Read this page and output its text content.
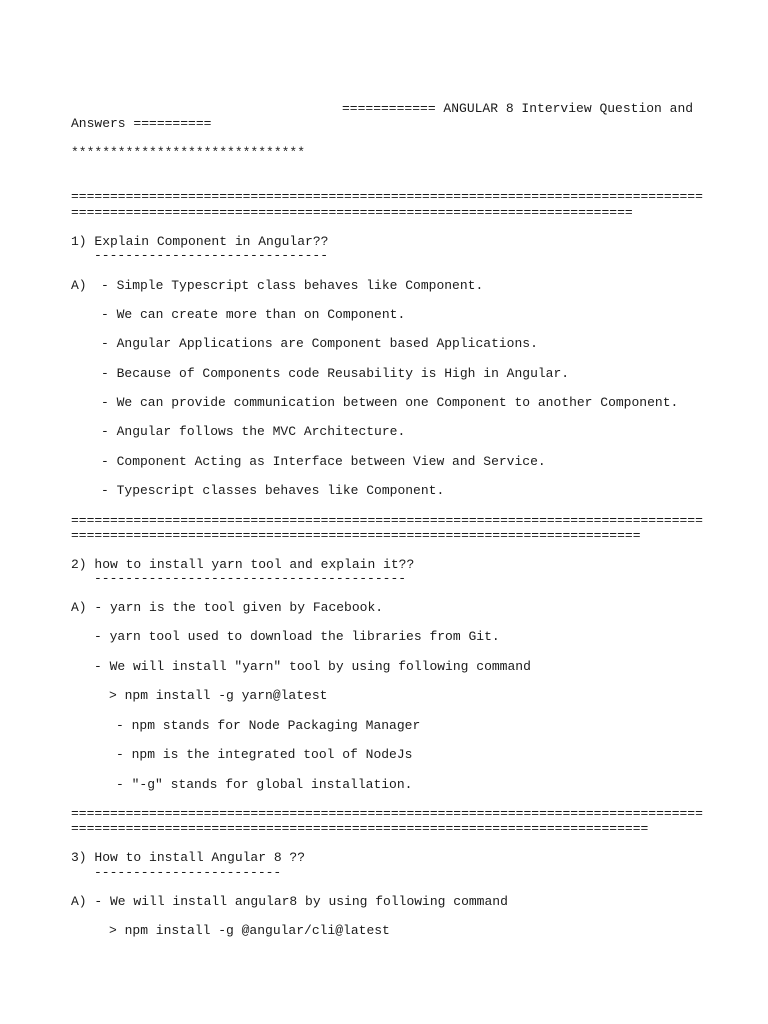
============ ANGULAR 8 Interview Question and
Answers ==========
******************************
=================================================================================
========================================================================
1) Explain Component in Angular??
------------------------------
A) - Simple Typescript class behaves like Component.
- We can create more than on Component.
- Angular Applications are Component based Applications.
- Because of Components code Reusability is High in Angular.
- We can provide communication between one Component to another Component.
- Angular follows the MVC Architecture.
- Component Acting as Interface between View and Service.
- Typescript classes behaves like Component.
=================================================================================
=========================================================================
2) how to install yarn tool and explain it??
----------------------------------------
A) - yarn is the tool given by Facebook.
- yarn tool used to download the libraries from Git.
- We will install "yarn" tool by using following command
> npm install -g yarn@latest
- npm stands for Node Packaging Manager
- npm is the integrated tool of NodeJs
- "-g" stands for global installation.
=================================================================================
==========================================================================
3) How to install Angular 8 ??
------------------------
A) - We will install angular8 by using following command
> npm install -g @angular/cli@latest
